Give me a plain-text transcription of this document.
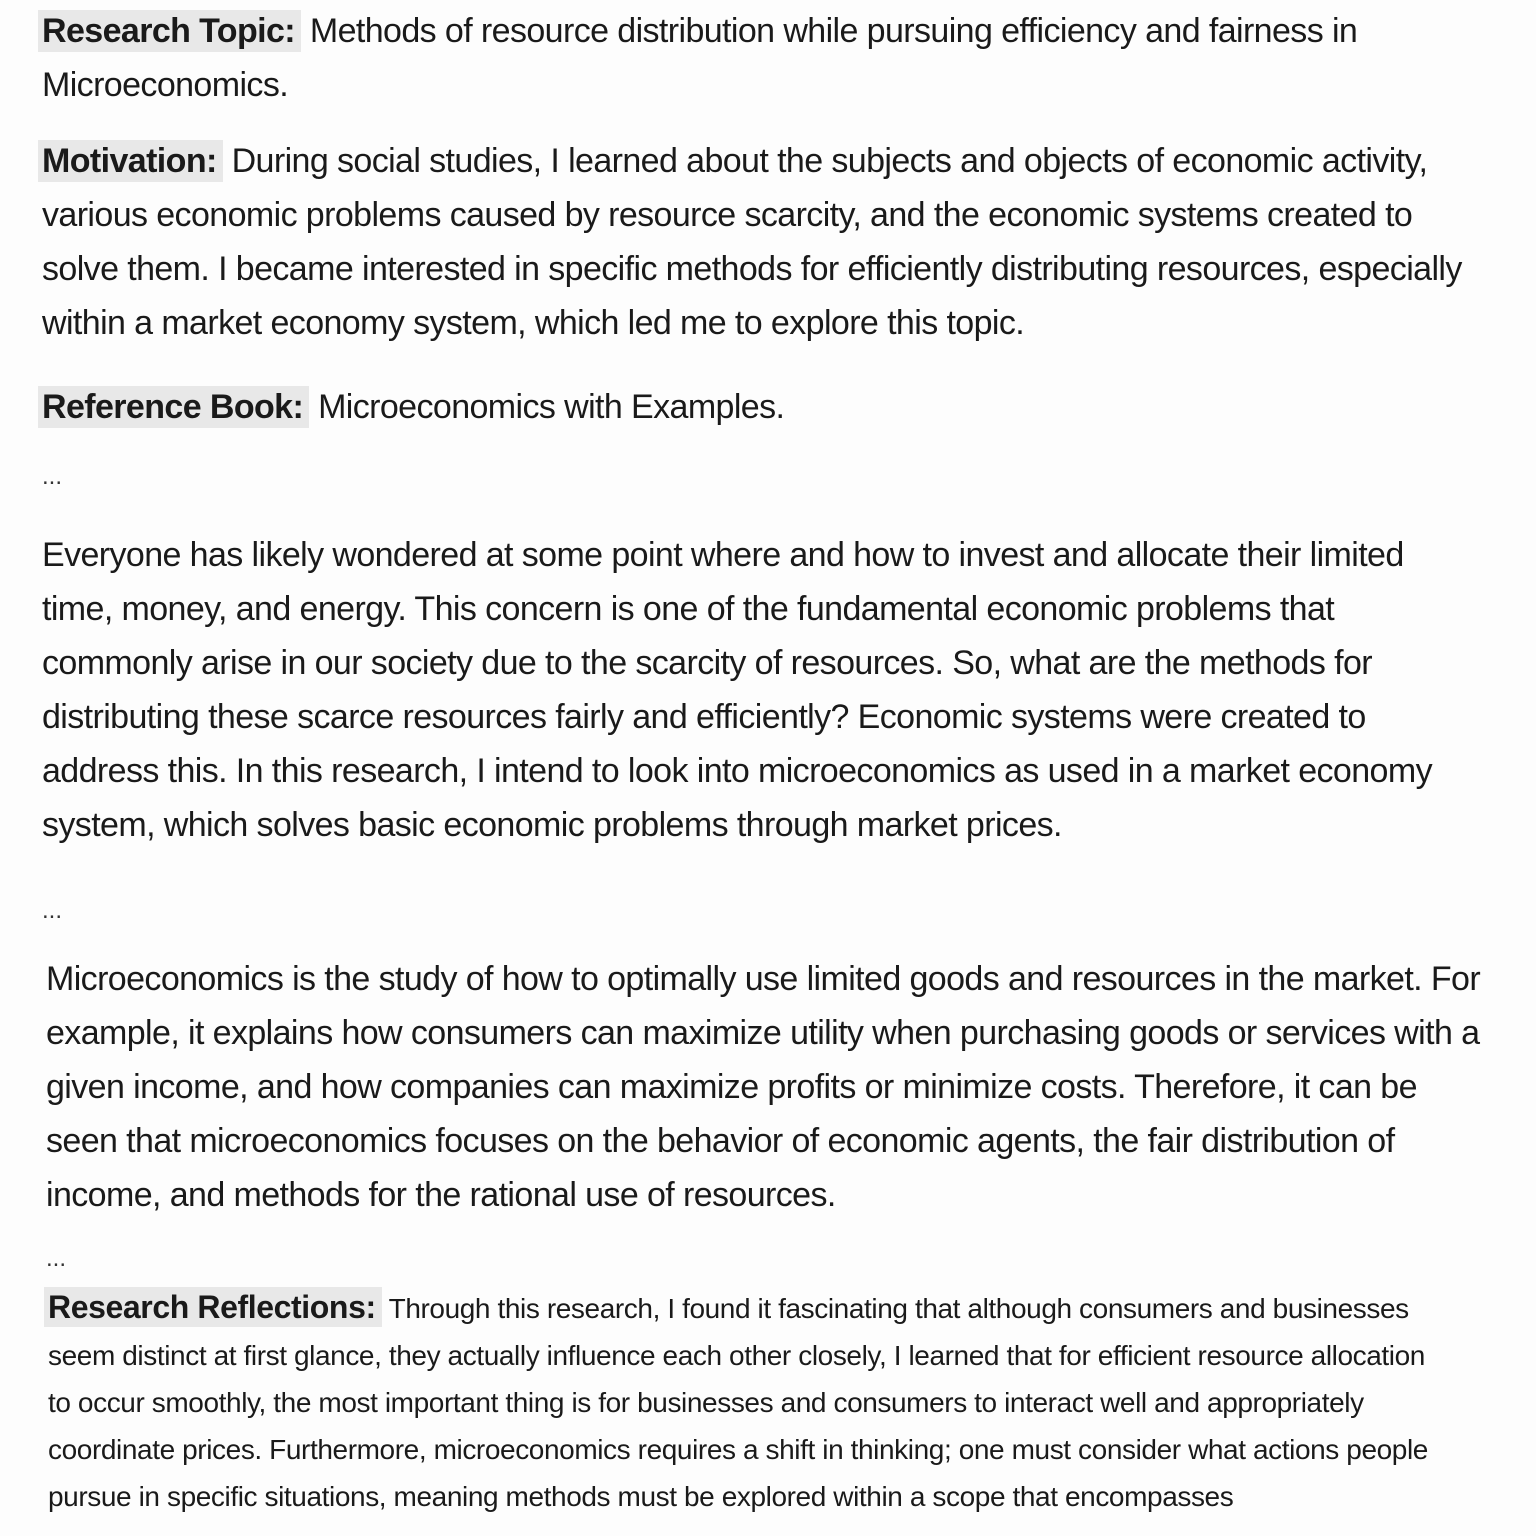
Research Topic: Methods of resource distribution while pursuing efficiency and fairness in Microeconomics.

Motivation: During social studies, I learned about the subjects and objects of economic activity, various economic problems caused by resource scarcity, and the economic systems created to solve them. I became interested in specific methods for efficiently distributing resources, especially within a market economy system, which led me to explore this topic.

Reference Book: Microeconomics with Examples.

...

Everyone has likely wondered at some point where and how to invest and allocate their limited time, money, and energy. This concern is one of the fundamental economic problems that commonly arise in our society due to the scarcity of resources. So, what are the methods for distributing these scarce resources fairly and efficiently? Economic systems were created to address this. In this research, I intend to look into microeconomics as used in a market economy system, which solves basic economic problems through market prices.

...

Microeconomics is the study of how to optimally use limited goods and resources in the market. For example, it explains how consumers can maximize utility when purchasing goods or services with a given income, and how companies can maximize profits or minimize costs. Therefore, it can be seen that microeconomics focuses on the behavior of economic agents, the fair distribution of income, and methods for the rational use of resources.

...

Research Reflections: Through this research, I found it fascinating that although consumers and businesses seem distinct at first glance, they actually influence each other closely, I learned that for efficient resource allocation to occur smoothly, the most important thing is for businesses and consumers to interact well and appropriately coordinate prices. Furthermore, microeconomics requires a shift in thinking; one must consider what actions people pursue in specific situations, meaning methods must be explored within a scope that encompasses
